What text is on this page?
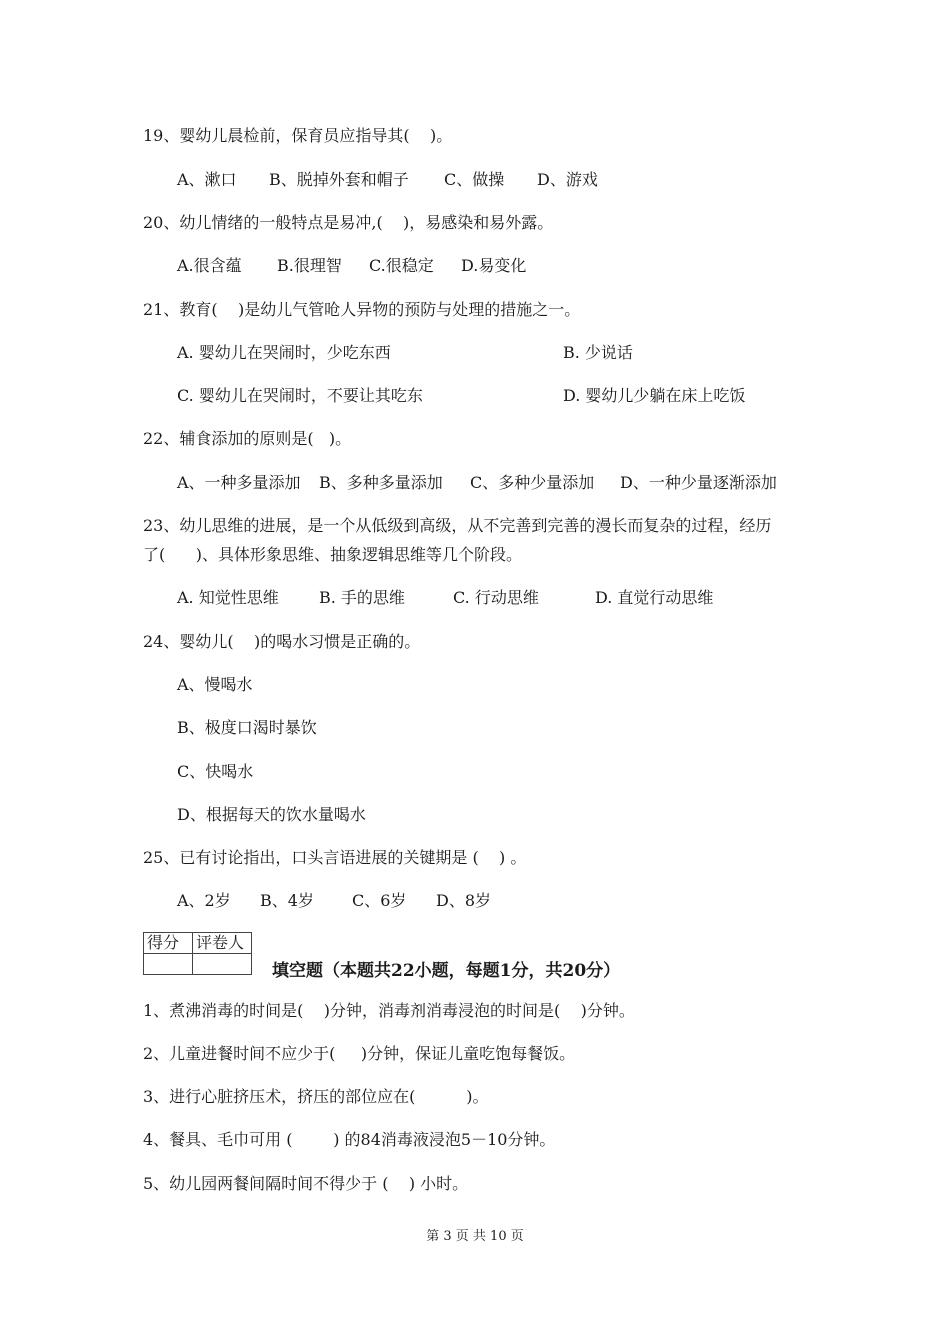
19、婴幼儿晨检前，保育员应指导其(    )。
A、漱口 B、脱掉外套和帽子 C、做操 D、游戏
20、幼儿情绪的一般特点是易冲,(    )，易感染和易外露。
A.很含蕴 B.很理智 C.很稳定 D.易变化
21、教育(    )是幼儿气管呛人异物的预防与处理的措施之一。
A. 婴幼儿在哭闹时，少吃东西	B. 少说话
C. 婴幼儿在哭闹时，不要让其吃东	D. 婴幼儿少躺在床上吃饭
22、辅食添加的原则是(   )。
A、一种多量添加 B、多种多量添加 C、多种少量添加 D、一种少量逐渐添加
23、幼儿思维的进展，是一个从低级到高级，从不完善到完善的漫长而复杂的过程，经历
了(      )、具体形象思维、抽象逻辑思维等几个阶段。
A. 知觉性思维	B. 手的思维	C. 行动思维	D. 直觉行动思维
24、婴幼儿(    )的喝水习惯是正确的。
A、慢喝水
B、极度口渴时暴饮
C、快喝水
D、根据每天的饮水量喝水
25、已有讨论指出，口头言语进展的关键期是 (    ) 。
A、2岁 B、4岁 C、6岁 D、8岁
得分	评卷人

填空题（本题共22小题，每题1分，共20分）
1、煮沸消毒的时间是(    )分钟，消毒剂消毒浸泡的时间是(    )分钟。
2、儿童进餐时间不应少于(     )分钟，保证儿童吃饱每餐饭。
3、进行心脏挤压术，挤压的部位应在(          )。
4、餐具、毛巾可用 (        ) 的84消毒液浸泡5－10分钟。
5、幼儿园两餐间隔时间不得少于 (    ) 小时。
第 3 页 共 10 页
